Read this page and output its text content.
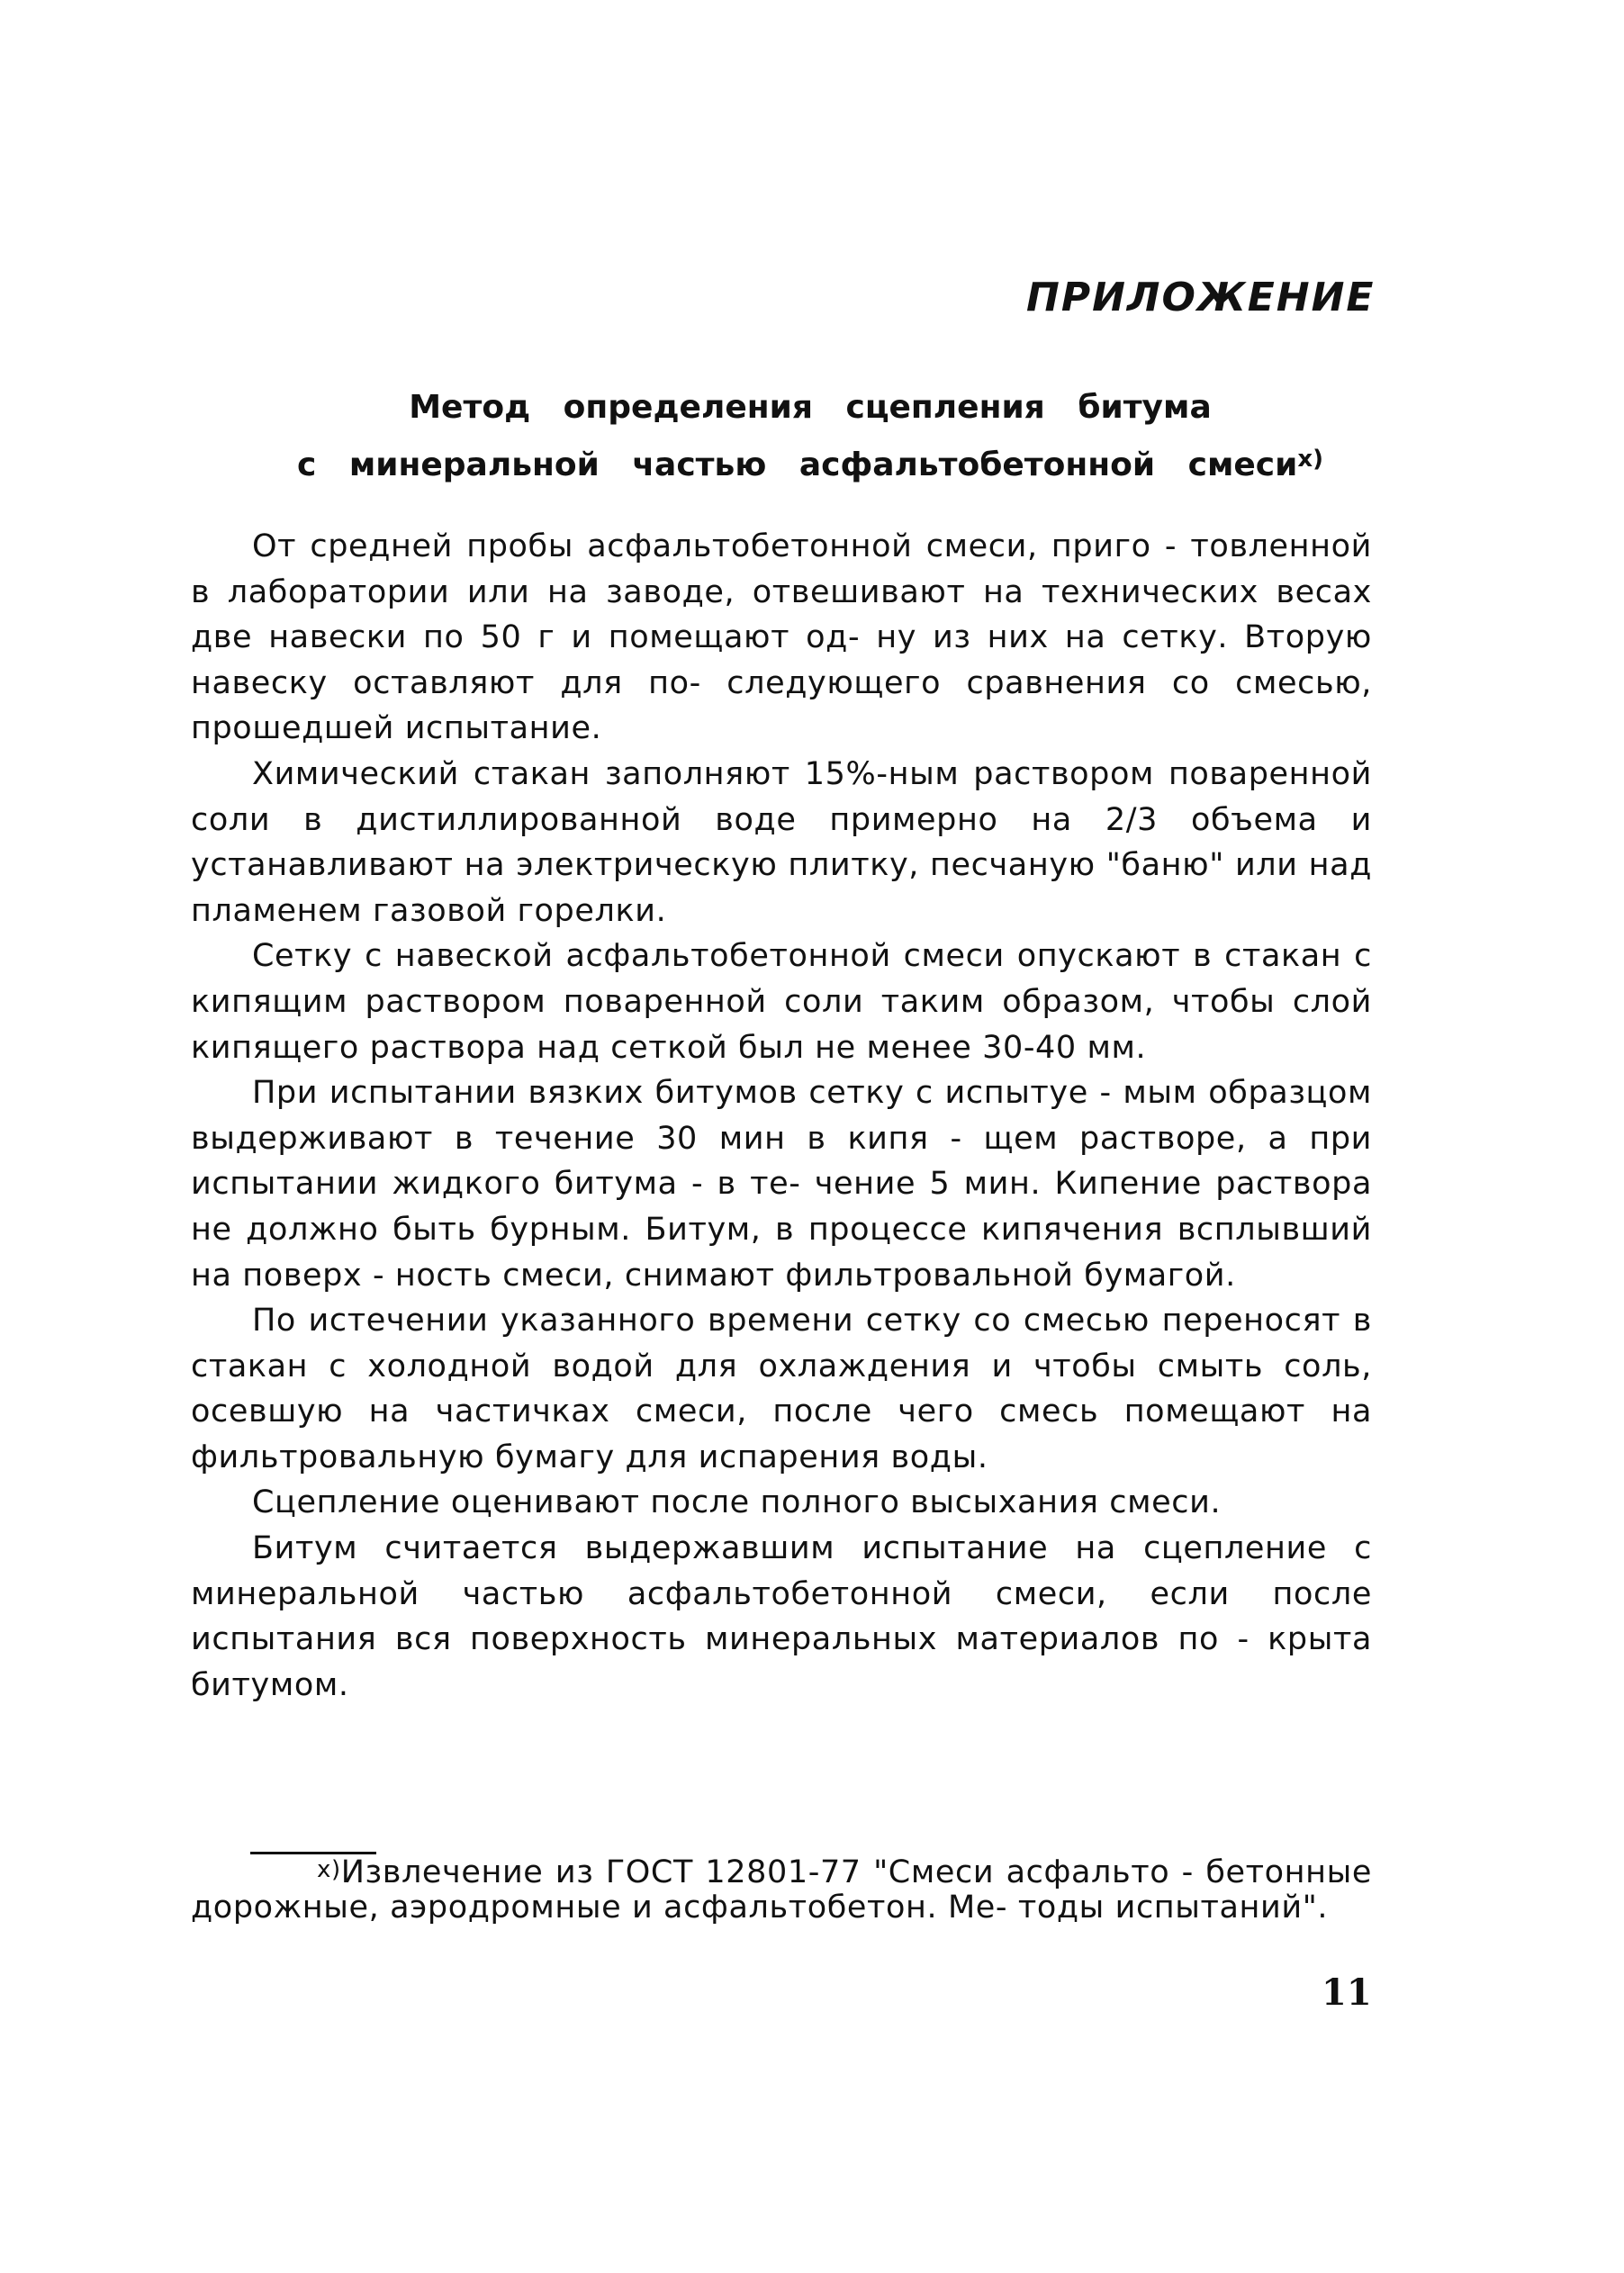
ПРИЛОЖЕНИЕ
Метод определения сцепления битума
с минеральной частью асфальтобетонной смеси$^{x)}$

От средней пробы асфальтобетонной смеси, приго - товленной в лаборатории или на заводе, отвешивают на технических весах две навески по 50 г и помещают од- ну из них на сетку. Вторую навеску оставляют для по- следующего сравнения со смесью, прошедшей испытание.

Химический стакан заполняют 15%-ным раствором поваренной соли в дистиллированной воде примерно на 2/3 объема и устанавливают на электрическую плитку, песчаную "баню" или над пламенем газовой горелки.

Сетку с навеской асфальтобетонной смеси опускают в стакан с кипящим раствором поваренной соли таким образом, чтобы слой кипящего раствора над сеткой был не менее 30-40 мм.

При испытании вязких битумов сетку с испытуе - мым образцом выдерживают в течение 30 мин в кипя - щем растворе, а при испытании жидкого битума - в те- чение 5 мин. Кипение раствора не должно быть бурным. Битум, в процессе кипячения всплывший на поверх - ность смеси, снимают фильтровальной бумагой.

По истечении указанного времени сетку со смесью переносят в стакан с холодной водой для охлаждения и чтобы смыть соль, осевшую на частичках смеси, после чего смесь помещают на фильтровальную бумагу для испарения воды.

Сцепление оценивают после полного высыхания смеси.

Битум считается выдержавшим испытание на сцепление с минеральной частью асфальтобетонной смеси, если после испытания вся поверхность минеральных материалов по - крыта битумом.

$^{x)}$Извлечение из ГОСТ 12801-77 "Смеси асфальто - бетонные дорожные, аэродромные и асфальтобетон. Ме- тоды испытаний".
11
